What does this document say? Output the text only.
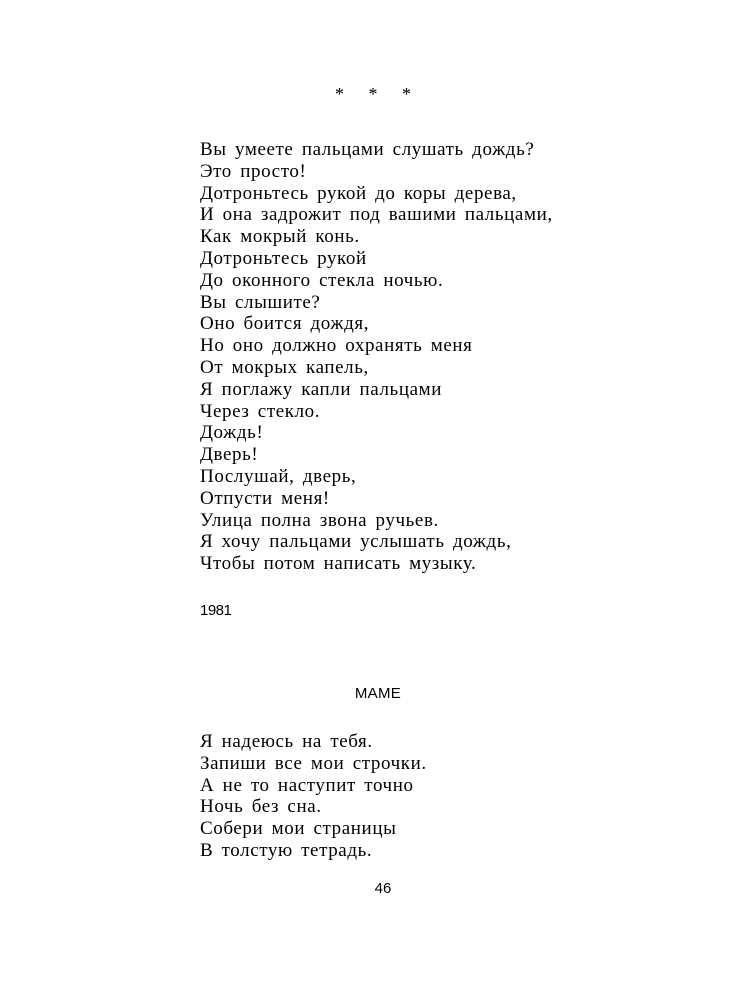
* * *
Вы умеете пальцами слушать дождь?
Это просто!
Дотроньтесь рукой до коры дерева,
И она задрожит под вашими пальцами,
Как мокрый конь.
Дотроньтесь рукой
До оконного стекла ночью.
Вы слышите?
Оно боится дождя,
Но оно должно охранять меня
От мокрых капель,
Я поглажу капли пальцами
Через стекло.
Дождь!
Дверь!
Послушай, дверь,
Отпусти меня!
Улица полна звона ручьев.
Я хочу пальцами услышать дождь,
Чтобы потом написать музыку.
1981
МАМЕ
Я надеюсь на тебя.
Запиши все мои строчки.
А не то наступит точно
Ночь без сна.
Собери мои страницы
В толстую тетрадь.
46
